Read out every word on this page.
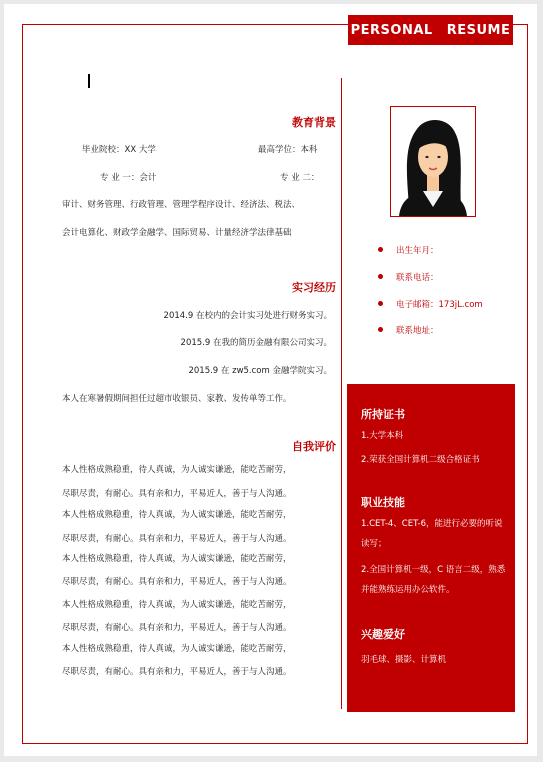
PERSONAL RESUME
教育背景
毕业院校：XX 大学	最高学位：本科
专 业 一：会计	专 业 二：
审计、财务管理、行政管理、管理学程序设计、经济法、税法、
会计电算化、财政学金融学、国际贸易、计量经济学法律基础
实习经历
2014.9 在校内的会计实习处进行财务实习。
2015.9 在我的简历金融有限公司实习。
2015.9 在 zw5.com 金融学院实习。
本人在寒暑假期间担任过超市收银员、家教、发传单等工作。
自我评价
本人性格成熟稳重，待人真诚，为人诚实谦逊，能吃苦耐劳，
尽职尽责，有耐心。具有亲和力，平易近人，善于与人沟通。
本人性格成熟稳重，待人真诚，为人诚实谦逊，能吃苦耐劳，
尽职尽责，有耐心。具有亲和力，平易近人，善于与人沟通。
本人性格成熟稳重，待人真诚，为人诚实谦逊，能吃苦耐劳，
尽职尽责，有耐心。具有亲和力，平易近人，善于与人沟通。
本人性格成熟稳重，待人真诚，为人诚实谦逊，能吃苦耐劳，
尽职尽责，有耐心。具有亲和力，平易近人，善于与人沟通。
本人性格成熟稳重，待人真诚，为人诚实谦逊，能吃苦耐劳，
尽职尽责，有耐心。具有亲和力，平易近人，善于与人沟通。
出生年月：
联系电话：
电子邮箱：173jL.com
联系地址：
所持证书
1.大学本科
2.荣获全国计算机二级合格证书
职业技能
1.CET-4、CET-6，能进行必要的听说读写；
2.全国计算机一级，C 语言二级，熟悉并能熟练运用办公软件。
兴趣爱好
羽毛球、摄影、计算机
